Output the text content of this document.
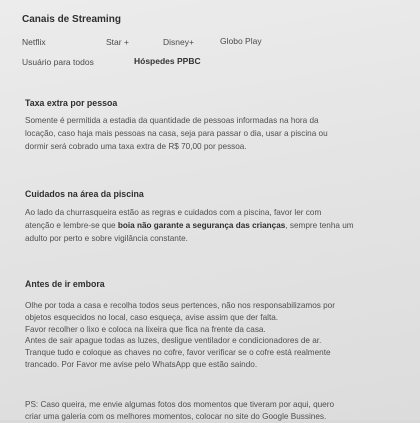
Canais de Streaming
Netflix	Star +	Disney+	Globo Play
Usuário para todos	Hóspedes PPBC
Taxa extra por pessoa
Somente é permitida a estadia da quantidade de pessoas informadas na hora da
locação, caso haja mais pessoas na casa, seja para passar o dia, usar a piscina ou
dormir será cobrado uma taxa extra de R$ 70,00 por pessoa.
Cuidados na área da piscina
Ao lado da churrasqueira estão as regras e cuidados com a piscina, favor ler com
atenção e lembre-se que boia não garante a segurança das crianças, sempre tenha um
adulto por perto e sobre vigilância constante.
Antes de ir embora
Olhe por toda a casa e recolha todos seus pertences, não nos responsabilizamos por
objetos esquecidos no local, caso esqueça, avise assim que der falta.
Favor recolher o lixo e coloca na lixeira que fica na frente da casa.
Antes de sair apague todas as luzes, desligue ventilador e condicionadores de ar.
Tranque tudo e coloque as chaves no cofre, favor verificar se o cofre está realmente
trancado. Por Favor me avise pelo WhatsApp que estão saindo.
PS: Caso queira, me envie algumas fotos dos momentos que tiveram por aqui, quero
criar uma galeria com os melhores momentos, colocar no site do Google Bussines.
